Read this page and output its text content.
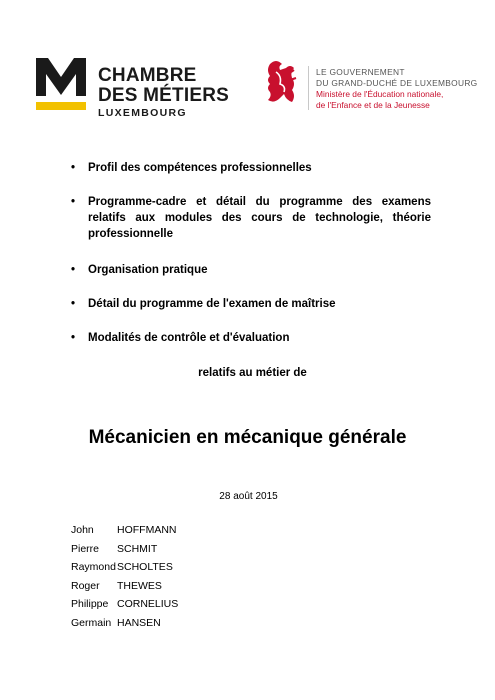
CHAMBRE
DES MÉTIERS
LUXEMBOURG
LE GOUVERNEMENT
DU GRAND-DUCHÉ DE LUXEMBOURG
Ministère de l'Éducation nationale,
de l'Enfance et de la Jeunesse
• Profil des compétences professionnelles
• Programme-cadre et détail du programme des examens relatifs aux modules des cours de technologie, théorie professionnelle
• Organisation pratique
• Détail du programme de l'examen de maîtrise
• Modalités de contrôle et d'évaluation
relatifs au métier de
Mécanicien en mécanique générale
28 août 2015
John HOFFMANN
Pierre SCHMIT
RaymondSCHOLTES
Roger THEWES
Philippe CORNELIUS
Germain HANSEN
